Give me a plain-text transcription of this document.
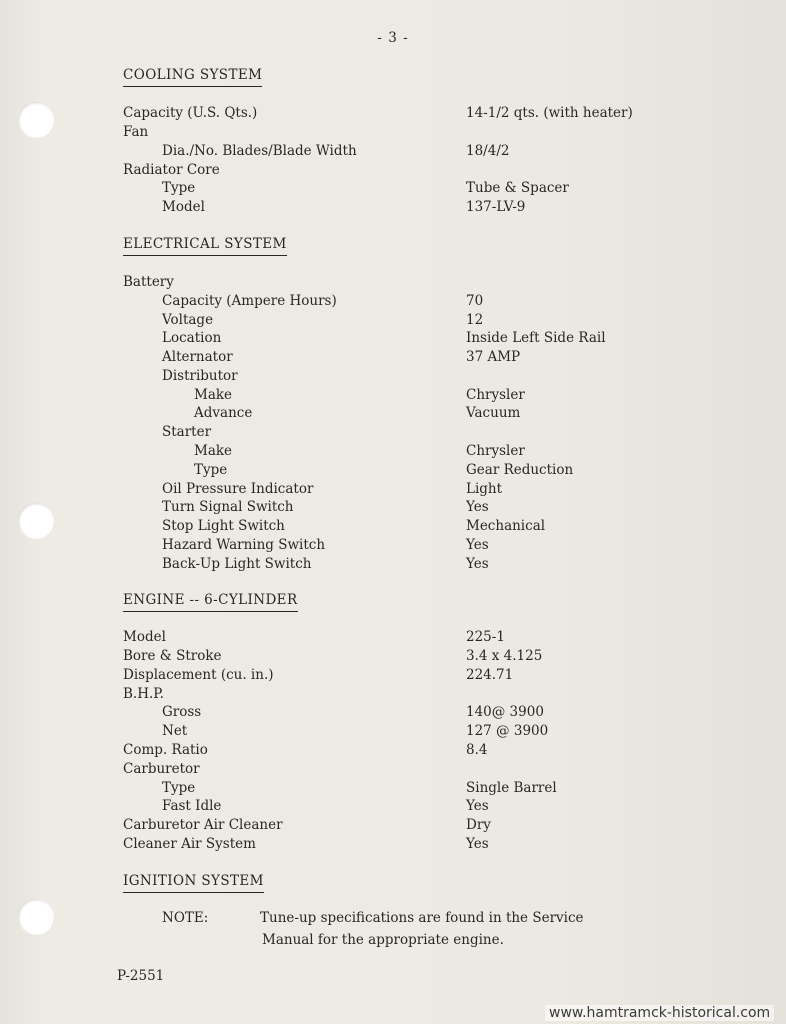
- 3 -
COOLING SYSTEM
Capacity (U.S. Qts.)	14-1/2 qts. (with heater)
Fan
Dia./No. Blades/Blade Width	18/4/2
Radiator Core
Type	Tube & Spacer
Model	137-LV-9
ELECTRICAL SYSTEM
Battery
Capacity (Ampere Hours)	70
Voltage	12
Location	Inside Left Side Rail
Alternator	37 AMP
Distributor
Make	Chrysler
Advance	Vacuum
Starter
Make	Chrysler
Type	Gear Reduction
Oil Pressure Indicator	Light
Turn Signal Switch	Yes
Stop Light Switch	Mechanical
Hazard Warning Switch	Yes
Back-Up Light Switch	Yes
ENGINE -- 6-CYLINDER
Model	225-1
Bore & Stroke	3.4 x 4.125
Displacement (cu. in.)	224.71
B.H.P.
Gross	140@ 3900
Net	127 @ 3900
Comp. Ratio	8.4
Carburetor
Type	Single Barrel
Fast Idle	Yes
Carburetor Air Cleaner	Dry
Cleaner Air System	Yes
IGNITION SYSTEM
NOTE:	Tune-up specifications are found in the Service
Manual for the appropriate engine.
P-2551
www.hamtramck-historical.com
